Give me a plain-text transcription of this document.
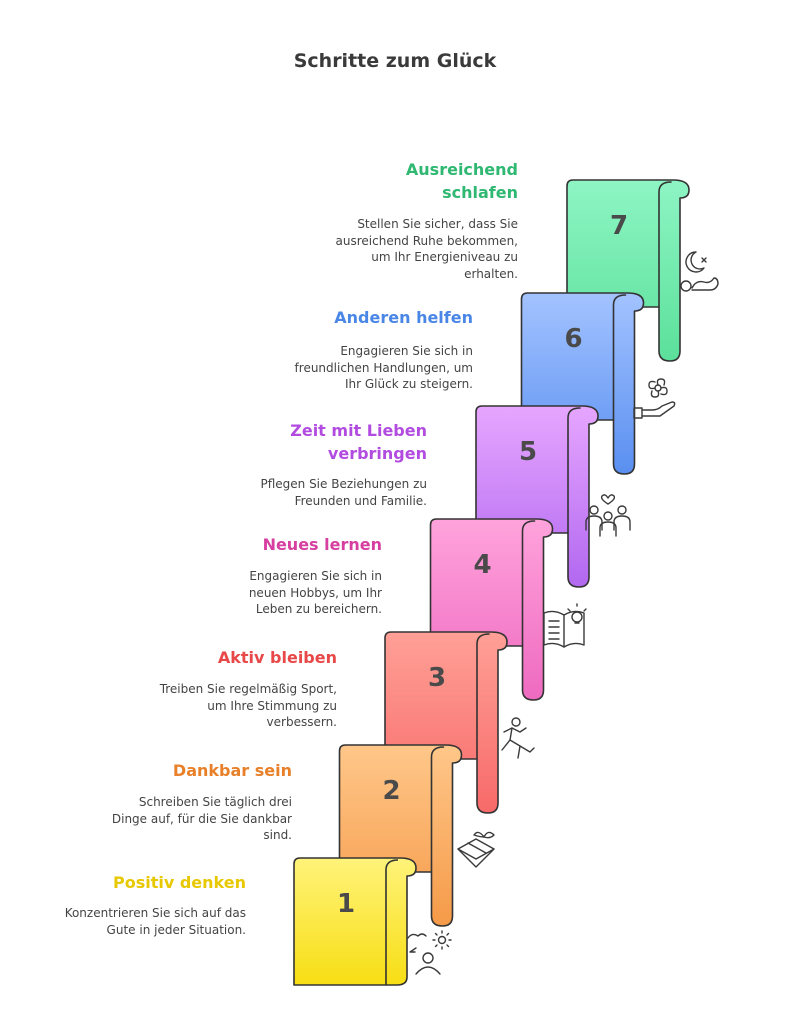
Schritte zum Glück
7
6
5
4
3
2
1
Positiv denken
Konzentrieren Sie sich auf das Gute in jeder Situation.
Dankbar sein
Schreiben Sie täglich drei Dinge auf, für die Sie dankbar sind.
Aktiv bleiben
Treiben Sie regelmäßig Sport, um Ihre Stimmung zu verbessern.
Neues lernen
Engagieren Sie sich in neuen Hobbys, um Ihr Leben zu bereichern.
Zeit mit Lieben verbringen
Pflegen Sie Beziehungen zu Freunden und Familie.
Anderen helfen
Engagieren Sie sich in freundlichen Handlungen, um Ihr Glück zu steigern.
Ausreichend schlafen
Stellen Sie sicher, dass Sie ausreichend Ruhe bekommen, um Ihr Energieniveau zu erhalten.
